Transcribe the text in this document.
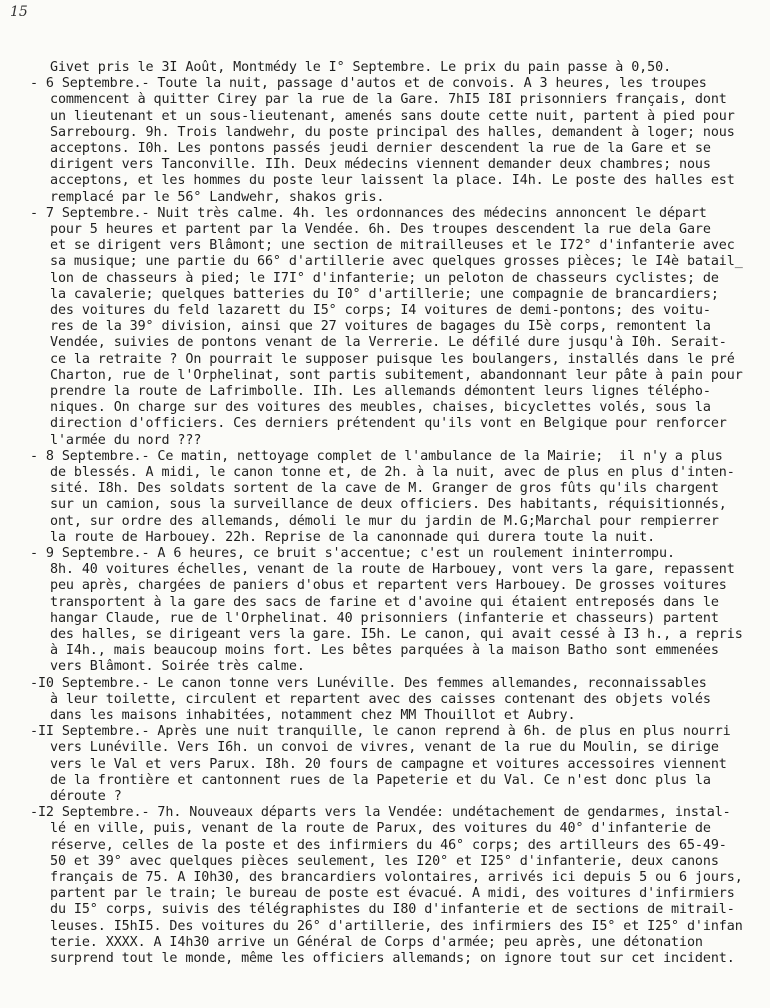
15
Givet pris le 3I Août, Montmédy le I° Septembre. Le prix du pain passe à 0,50.
- 6 Septembre.- Toute la nuit, passage d'autos et de convois. A 3 heures, les troupes
commencent à quitter Cirey par la rue de la Gare. 7hI5 I8I prisonniers français, dont
un lieutenant et un sous-lieutenant, amenés sans doute cette nuit, partent à pied pour
Sarrebourg. 9h. Trois landwehr, du poste principal des halles, demandent à loger; nous
acceptons. I0h. Les pontons passés jeudi dernier descendent la rue de la Gare et se
dirigent vers Tanconville. IIh. Deux médecins viennent demander deux chambres; nous
acceptons, et les hommes du poste leur laissent la place. I4h. Le poste des halles est
remplacé par le 56° Landwehr, shakos gris.
- 7 Septembre.- Nuit très calme. 4h. les ordonnances des médecins annoncent le départ
pour 5 heures et partent par la Vendée. 6h. Des troupes descendent la rue dela Gare
et se dirigent vers Blâmont; une section de mitrailleuses et le I72° d'infanterie avec
sa musique; une partie du 66° d'artillerie avec quelques grosses pièces; le I4è batail_
lon de chasseurs à pied; le I7I° d'infanterie; un peloton de chasseurs cyclistes; de
la cavalerie; quelques batteries du I0° d'artillerie; une compagnie de brancardiers;
des voitures du feld lazarett du I5° corps; I4 voitures de demi-pontons; des voitu-
res de la 39° division, ainsi que 27 voitures de bagages du I5è corps, remontent la
Vendée, suivies de pontons venant de la Verrerie. Le défilé dure jusqu'à I0h. Serait-
ce la retraite ? On pourrait le supposer puisque les boulangers, installés dans le pré
Charton, rue de l'Orphelinat, sont partis subitement, abandonnant leur pâte à pain pour
prendre la route de Lafrimbolle. IIh. Les allemands démontent leurs lignes télépho-
niques. On charge sur des voitures des meubles, chaises, bicyclettes volés, sous la
direction d'officiers. Ces derniers prétendent qu'ils vont en Belgique pour renforcer
l'armée du nord ???
- 8 Septembre.- Ce matin, nettoyage complet de l'ambulance de la Mairie;  il n'y a plus
de blessés. A midi, le canon tonne et, de 2h. à la nuit, avec de plus en plus d'inten-
sité. I8h. Des soldats sortent de la cave de M. Granger de gros fûts qu'ils chargent
sur un camion, sous la surveillance de deux officiers. Des habitants, réquisitionnés,
ont, sur ordre des allemands, démoli le mur du jardin de M.G;Marchal pour rempierrer
la route de Harbouey. 22h. Reprise de la canonnade qui durera toute la nuit.
- 9 Septembre.- A 6 heures, ce bruit s'accentue; c'est un roulement ininterrompu.
8h. 40 voitures échelles, venant de la route de Harbouey, vont vers la gare, repassent
peu après, chargées de paniers d'obus et repartent vers Harbouey. De grosses voitures
transportent à la gare des sacs de farine et d'avoine qui étaient entreposés dans le
hangar Claude, rue de l'Orphelinat. 40 prisonniers (infanterie et chasseurs) partent
des halles, se dirigeant vers la gare. I5h. Le canon, qui avait cessé à I3 h., a repris
à I4h., mais beaucoup moins fort. Les bêtes parquées à la maison Batho sont emmenées
vers Blâmont. Soirée très calme.
-I0 Septembre.- Le canon tonne vers Lunéville. Des femmes allemandes, reconnaissables
à leur toilette, circulent et repartent avec des caisses contenant des objets volés
dans les maisons inhabitées, notamment chez MM Thouillot et Aubry.
-II Septembre.- Après une nuit tranquille, le canon reprend à 6h. de plus en plus nourri
vers Lunéville. Vers I6h. un convoi de vivres, venant de la rue du Moulin, se dirige
vers le Val et vers Parux. I8h. 20 fours de campagne et voitures accessoires viennent
de la frontière et cantonnent rues de la Papeterie et du Val. Ce n'est donc plus la
déroute ?
-I2 Septembre.- 7h. Nouveaux départs vers la Vendée: undétachement de gendarmes, instal-
lé en ville, puis, venant de la route de Parux, des voitures du 40° d'infanterie de
réserve, celles de la poste et des infirmiers du 46° corps; des artilleurs des 65-49-
50 et 39° avec quelques pièces seulement, les I20° et I25° d'infanterie, deux canons
français de 75. A I0h30, des brancardiers volontaires, arrivés ici depuis 5 ou 6 jours,
partent par le train; le bureau de poste est évacué. A midi, des voitures d'infirmiers
du I5° corps, suivis des télégraphistes du I80 d'infanterie et de sections de mitrail-
leuses. I5hI5. Des voitures du 26° d'artillerie, des infirmiers des I5° et I25° d'infan
terie. XXXX. A I4h30 arrive un Général de Corps d'armée; peu après, une détonation
surprend tout le monde, même les officiers allemands; on ignore tout sur cet incident.
